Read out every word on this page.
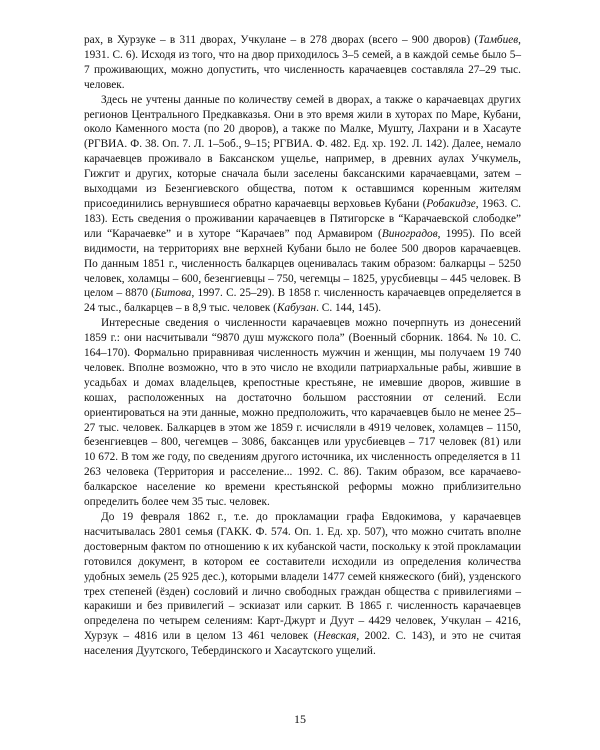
рах, в Хурзуке – в 311 дворах, Учкулане – в 278 дворах (всего – 900 дворов) (Тамбиев, 1931. С. 6). Исходя из того, что на двор приходилось 3–5 семей, а в каждой семье было 5–7 проживающих, можно допустить, что численность карачаевцев составляла 27–29 тыс. человек.

Здесь не учтены данные по количеству семей в дворах, а также о карачаевцах других регионов Центрального Предкавказья. Они в это время жили в хуторах по Маре, Кубани, около Каменного моста (по 20 дворов), а также по Малке, Мушту, Лахрани и в Хасауте (РГВИА. Ф. 38. Оп. 7. Л. 1–5об., 9–15; РГВИА. Ф. 482. Ед. хр. 192. Л. 142). Далее, немало карачаевцев проживало в Баксанском ущелье, например, в древних аулах Учкумель, Гижгит и других, которые сначала были заселены баксанскими карачаевцами, затем – выходцами из Безенгиевского общества, потом к оставшимся коренным жителям присоединились вернувшиеся обратно карачаевцы верховьев Кубани (Робакидзе, 1963. С. 183). Есть сведения о проживании карачаевцев в Пятигорске в “Карачаевской слободке” или “Карачаевке” и в хуторе “Карачаев” под Армавиром (Виноградов, 1995). По всей видимости, на территориях вне верхней Кубани было не более 500 дворов карачаевцев. По данным 1851 г., численность балкарцев оценивалась таким образом: балкарцы – 5250 человек, холамцы – 600, безенгиевцы – 750, чегемцы – 1825, урусбиевцы – 445 человек. В целом – 8870 (Битова, 1997. С. 25–29). В 1858 г. численность карачаевцев определяется в 24 тыс., балкарцев – в 8,9 тыс. человек (Кабузан. С. 144, 145).

Интересные сведения о численности карачаевцев можно почерпнуть из донесений 1859 г.: они насчитывали “9870 душ мужского пола” (Военный сборник. 1864. № 10. С. 164–170). Формально приравнивая численность мужчин и женщин, мы получаем 19 740 человек. Вполне возможно, что в это число не входили патриархальные рабы, жившие в усадьбах и домах владельцев, крепостные крестьяне, не имевшие дворов, жившие в кошах, расположенных на достаточно большом расстоянии от селений. Если ориентироваться на эти данные, можно предположить, что карачаевцев было не менее 25–27 тыс. человек. Балкарцев в этом же 1859 г. исчисляли в 4919 человек, холамцев – 1150, безенгиевцев – 800, чегемцев – 3086, баксанцев или урусбиевцев – 717 человек (81) или 10 672. В том же году, по сведениям другого источника, их численность определяется в 11 263 человека (Территория и расселение... 1992. С. 86). Таким образом, все карачаево-балкарское население ко времени крестьянской реформы можно приблизительно определить более чем 35 тыс. человек.

До 19 февраля 1862 г., т.е. до прокламации графа Евдокимова, у карачаевцев насчитывалась 2801 семья (ГАКК. Ф. 574. Оп. 1. Ед. хр. 507), что можно считать вполне достоверным фактом по отношению к их кубанской части, поскольку к этой прокламации готовился документ, в котором ее составители исходили из определения количества удобных земель (25 925 дес.), которыми владели 1477 семей княжеского (бий), узденского трех степеней (ёзден) сословий и лично свободных граждан общества с привилегиями – каракиши и без привилегий – эскиазат или саркит. В 1865 г. численность карачаевцев определена по четырем селениям: Карт-Джурт и Дуут – 4429 человек, Учкулан – 4216, Хурзук – 4816 или в целом 13 461 человек (Невская, 2002. С. 143), и это не считая населения Дуутского, Тебердинского и Хасаутского ущелий.

15
